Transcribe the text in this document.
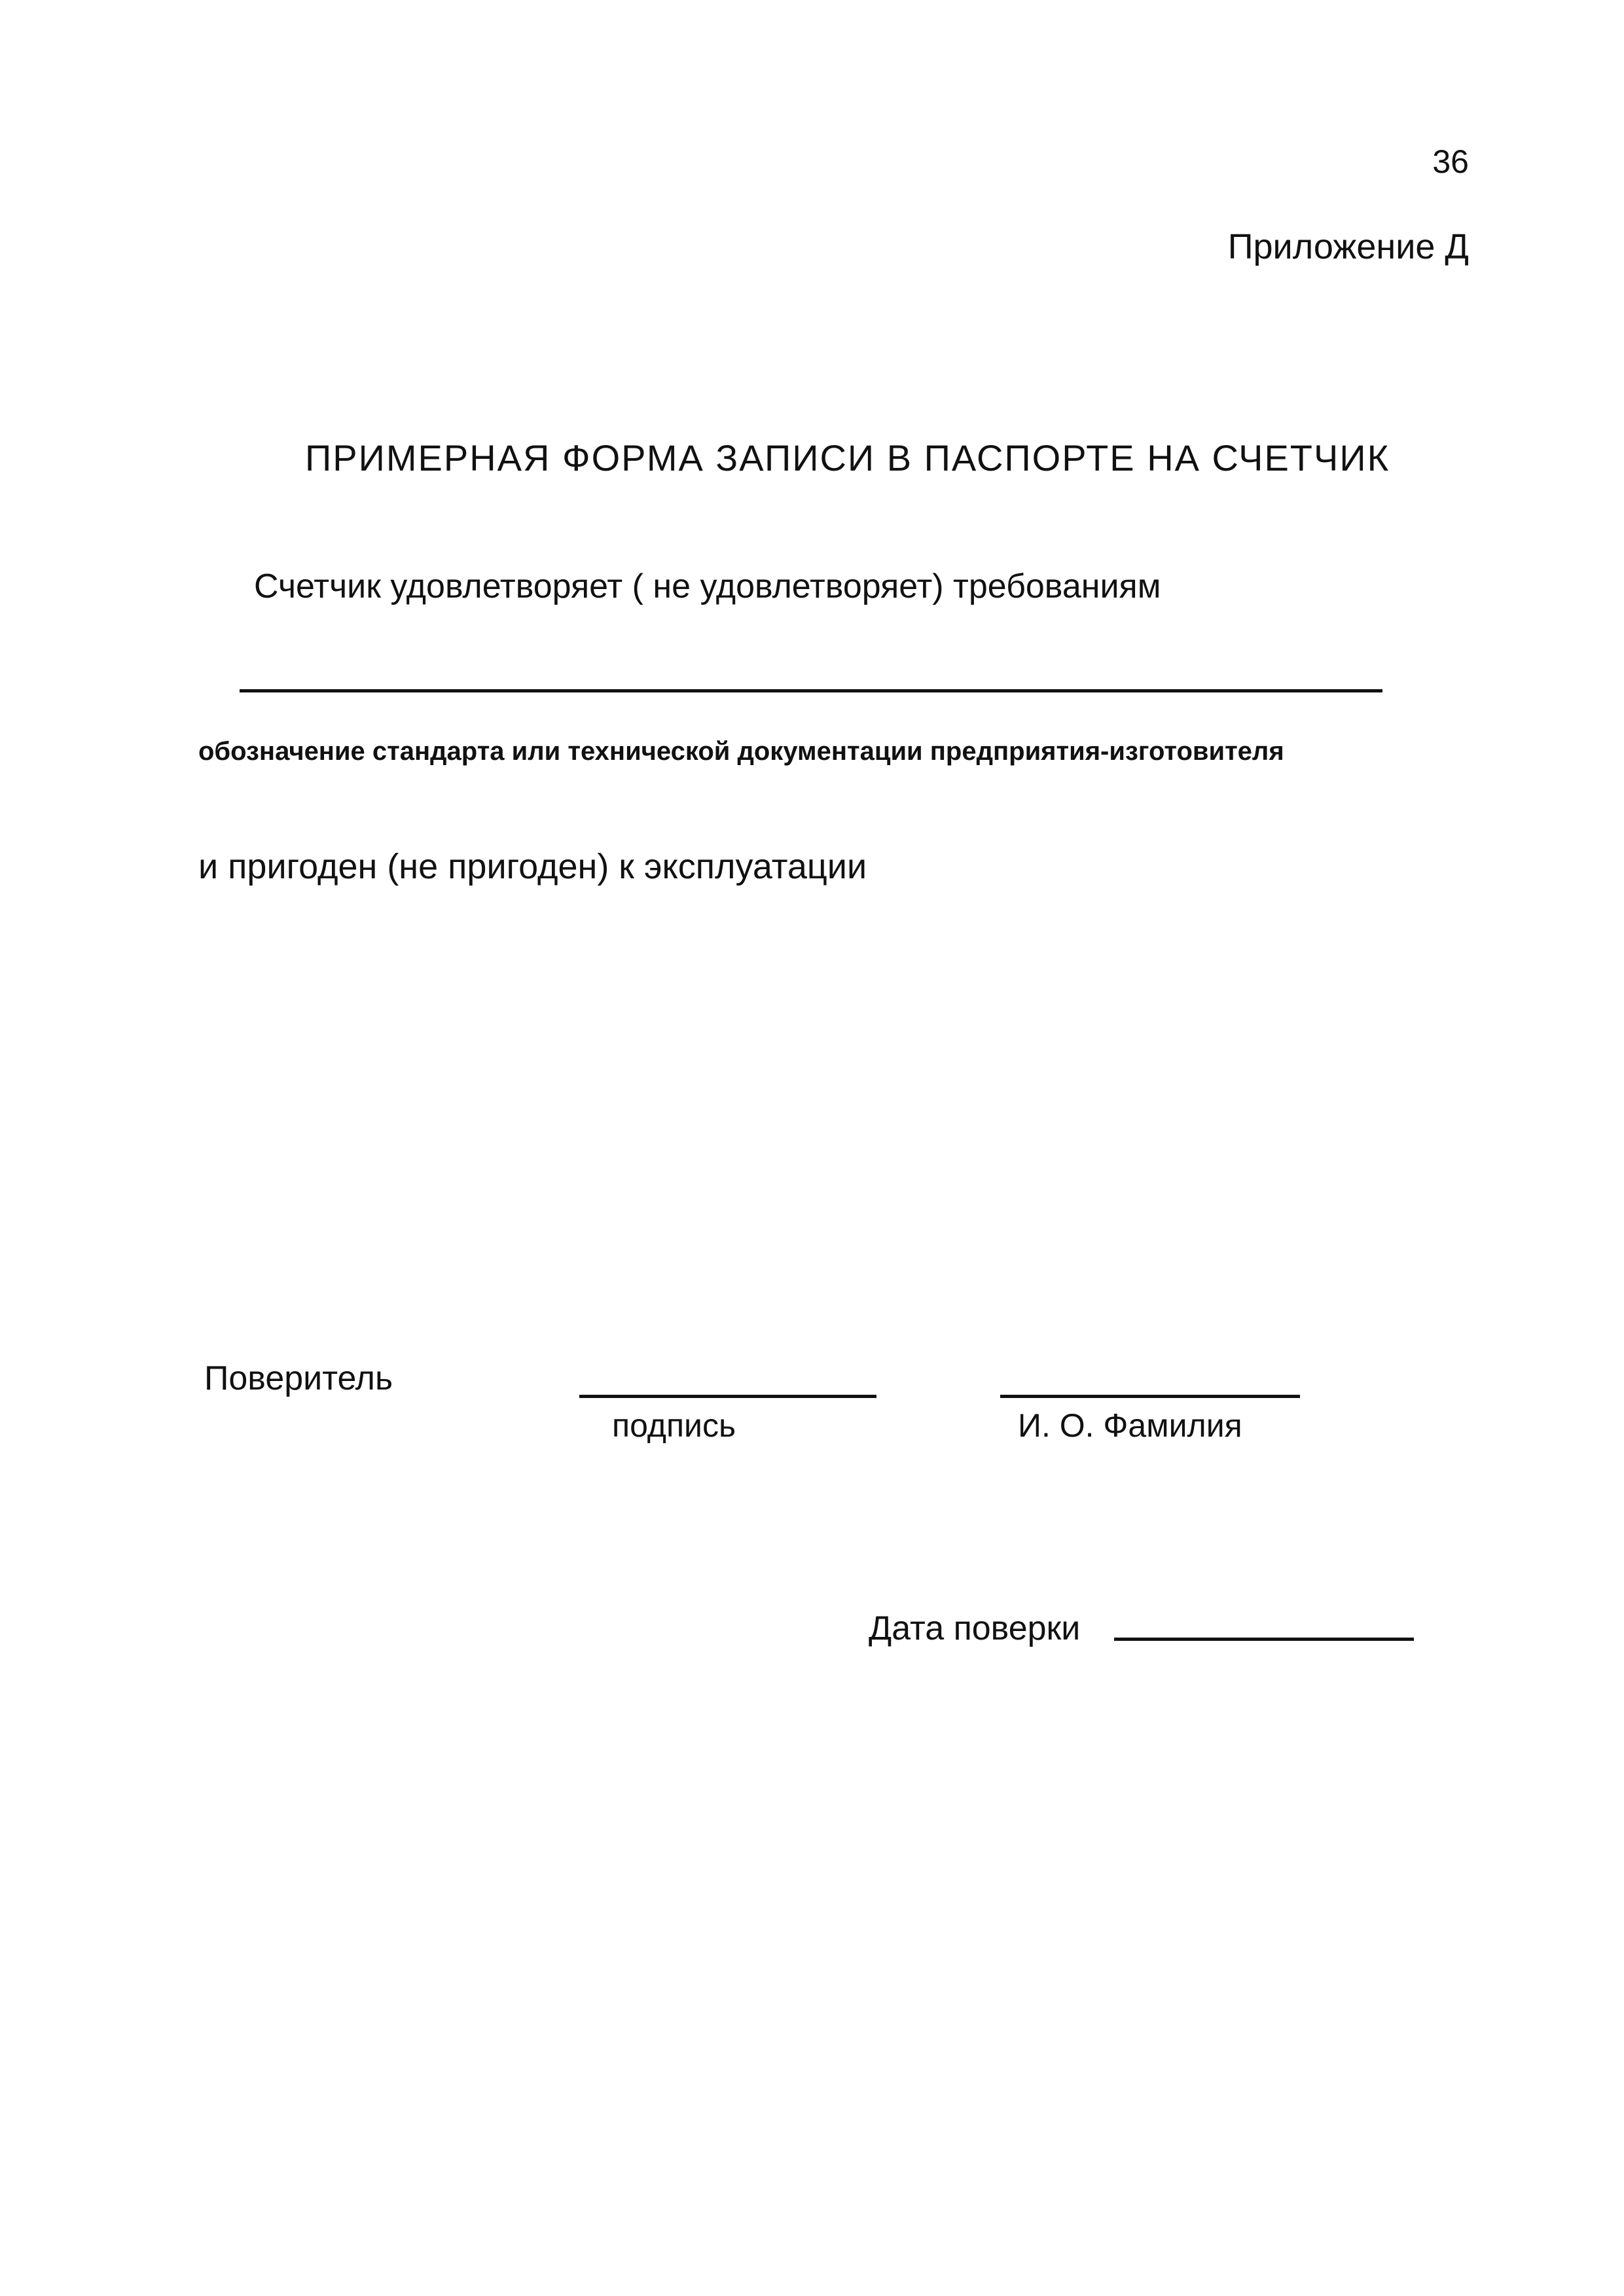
36
Приложение Д
ПРИМЕРНАЯ ФОРМА ЗАПИСИ В ПАСПОРТЕ НА СЧЕТЧИК
Счетчик удовлетворяет ( не удовлетворяет) требованиям
обозначение стандарта или технической документации предприятия-изготовителя
и пригоден (не пригоден) к эксплуатации
Поверитель
подпись	И. О. Фамилия
Дата поверки
